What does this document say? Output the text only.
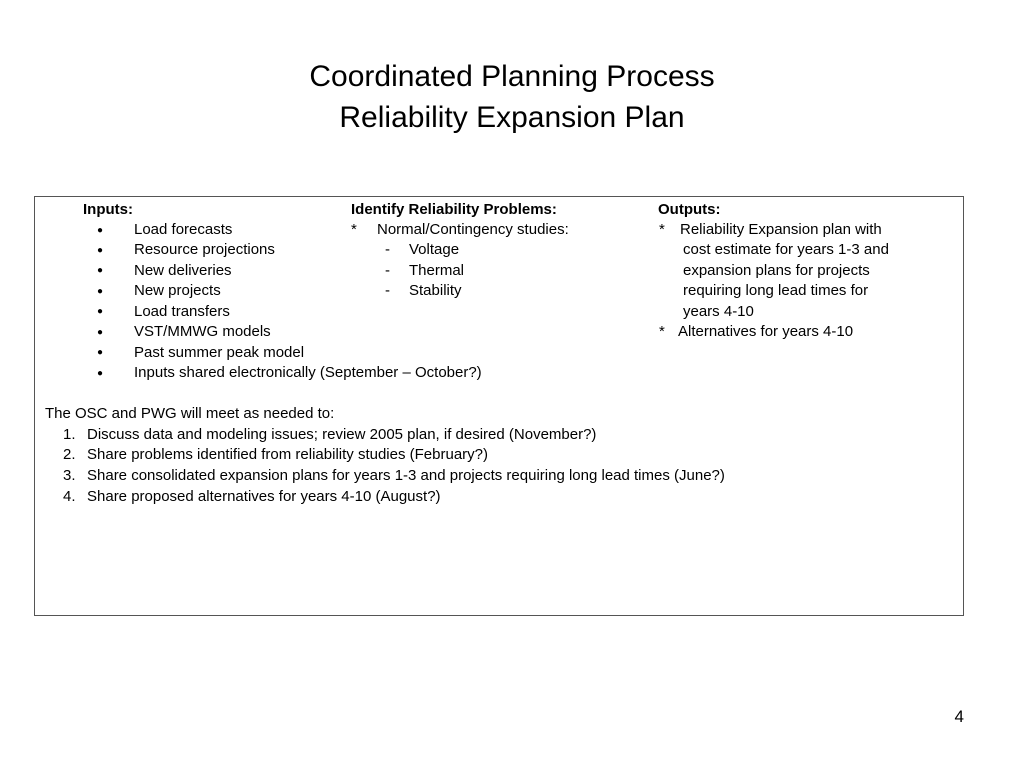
Coordinated Planning Process
Reliability Expansion Plan
Inputs:
● Load forecasts
● Resource projections
● New deliveries
● New projects
● Load transfers
● VST/MMWG models
● Past summer peak model
● Inputs shared electronically (September – October?)
Identify Reliability Problems:
* Normal/Contingency studies:
- Voltage
- Thermal
- Stability
Outputs:
* Reliability Expansion plan with
cost estimate for years 1-3 and
expansion plans for projects
requiring long lead times for
years 4-10
* Alternatives for years 4-10
The OSC and PWG will meet as needed to:
1. Discuss data and modeling issues; review 2005 plan, if desired (November?)
2. Share problems identified from reliability studies (February?)
3. Share consolidated expansion plans for years 1-3 and projects requiring long lead times (June?)
4. Share proposed alternatives for years 4-10 (August?)
4
